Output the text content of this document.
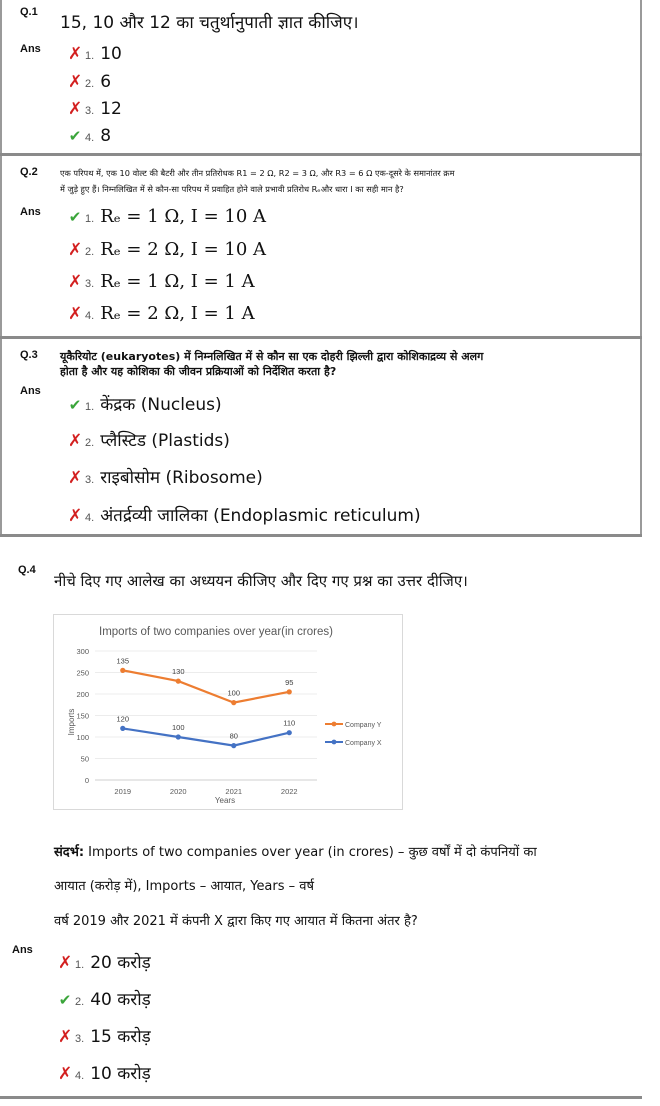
Q.1
15, 10 और 12 का चतुर्थानुपाती ज्ञात कीजिए।
Ans ✗ 1. 10
✗ 2. 6
✗ 3. 12
✔ 4. 8
Q.2	एक परिपथ में, एक 10 वोल्ट की बैटरी और तीन प्रतिरोधक R1 = 2 Ω, R2 = 3 Ω, और R3 = 6 Ω एक-दूसरे के समानांतर क्रम
में जुड़े हुए हैं। निम्नलिखित में से कौन-सा परिपथ में प्रवाहित होने वाले प्रभावी प्रतिरोध Rₑऔर धारा I का सही मान है?
Ans ✔ 1. Rₑ = 1 Ω, I = 10 A
✗ 2. Rₑ = 2 Ω, I = 10 A
✗ 3. Rₑ = 1 Ω, I = 1 A
✗ 4. Rₑ = 2 Ω, I = 1 A
Q.3 यूकैरियोट (eukaryotes) में निम्नलिखित में से कौन सा एक दोहरी झिल्ली द्वारा कोशिकाद्रव्य से अलग
होता है और यह कोशिका की जीवन प्रक्रियाओं को निर्देशित करता है?
Ans
✔ 1. केंद्रक (Nucleus)
✗ 2. प्लैस्टिड (Plastids)
✗ 3. राइबोसोम (Ribosome)
✗ 4. अंतर्द्रव्यी जालिका (Endoplasmic reticulum)
Q.4
नीचे दिए गए आलेख का अध्ययन कीजिए और दिए गए प्रश्न का उत्तर दीजिए।
Imports of two companies over year(in crores)
0
50
100
150
200
250
300
2019	2020	2021	2022
135
130
100
95
120
100
80
110	Company Y
Company X
Years
Imports
संदर्भ: Imports of two companies over year (in crores) – कुछ वर्षों में दो कंपनियों का
आयात (करोड़ में), Imports – आयात, Years – वर्ष
वर्ष 2019 और 2021 में कंपनी X द्वारा किए गए आयात में कितना अंतर है?
Ans
✗ 1. 20 करोड़
✔ 2. 40 करोड़
✗ 3. 15 करोड़
✗ 4. 10 करोड़
